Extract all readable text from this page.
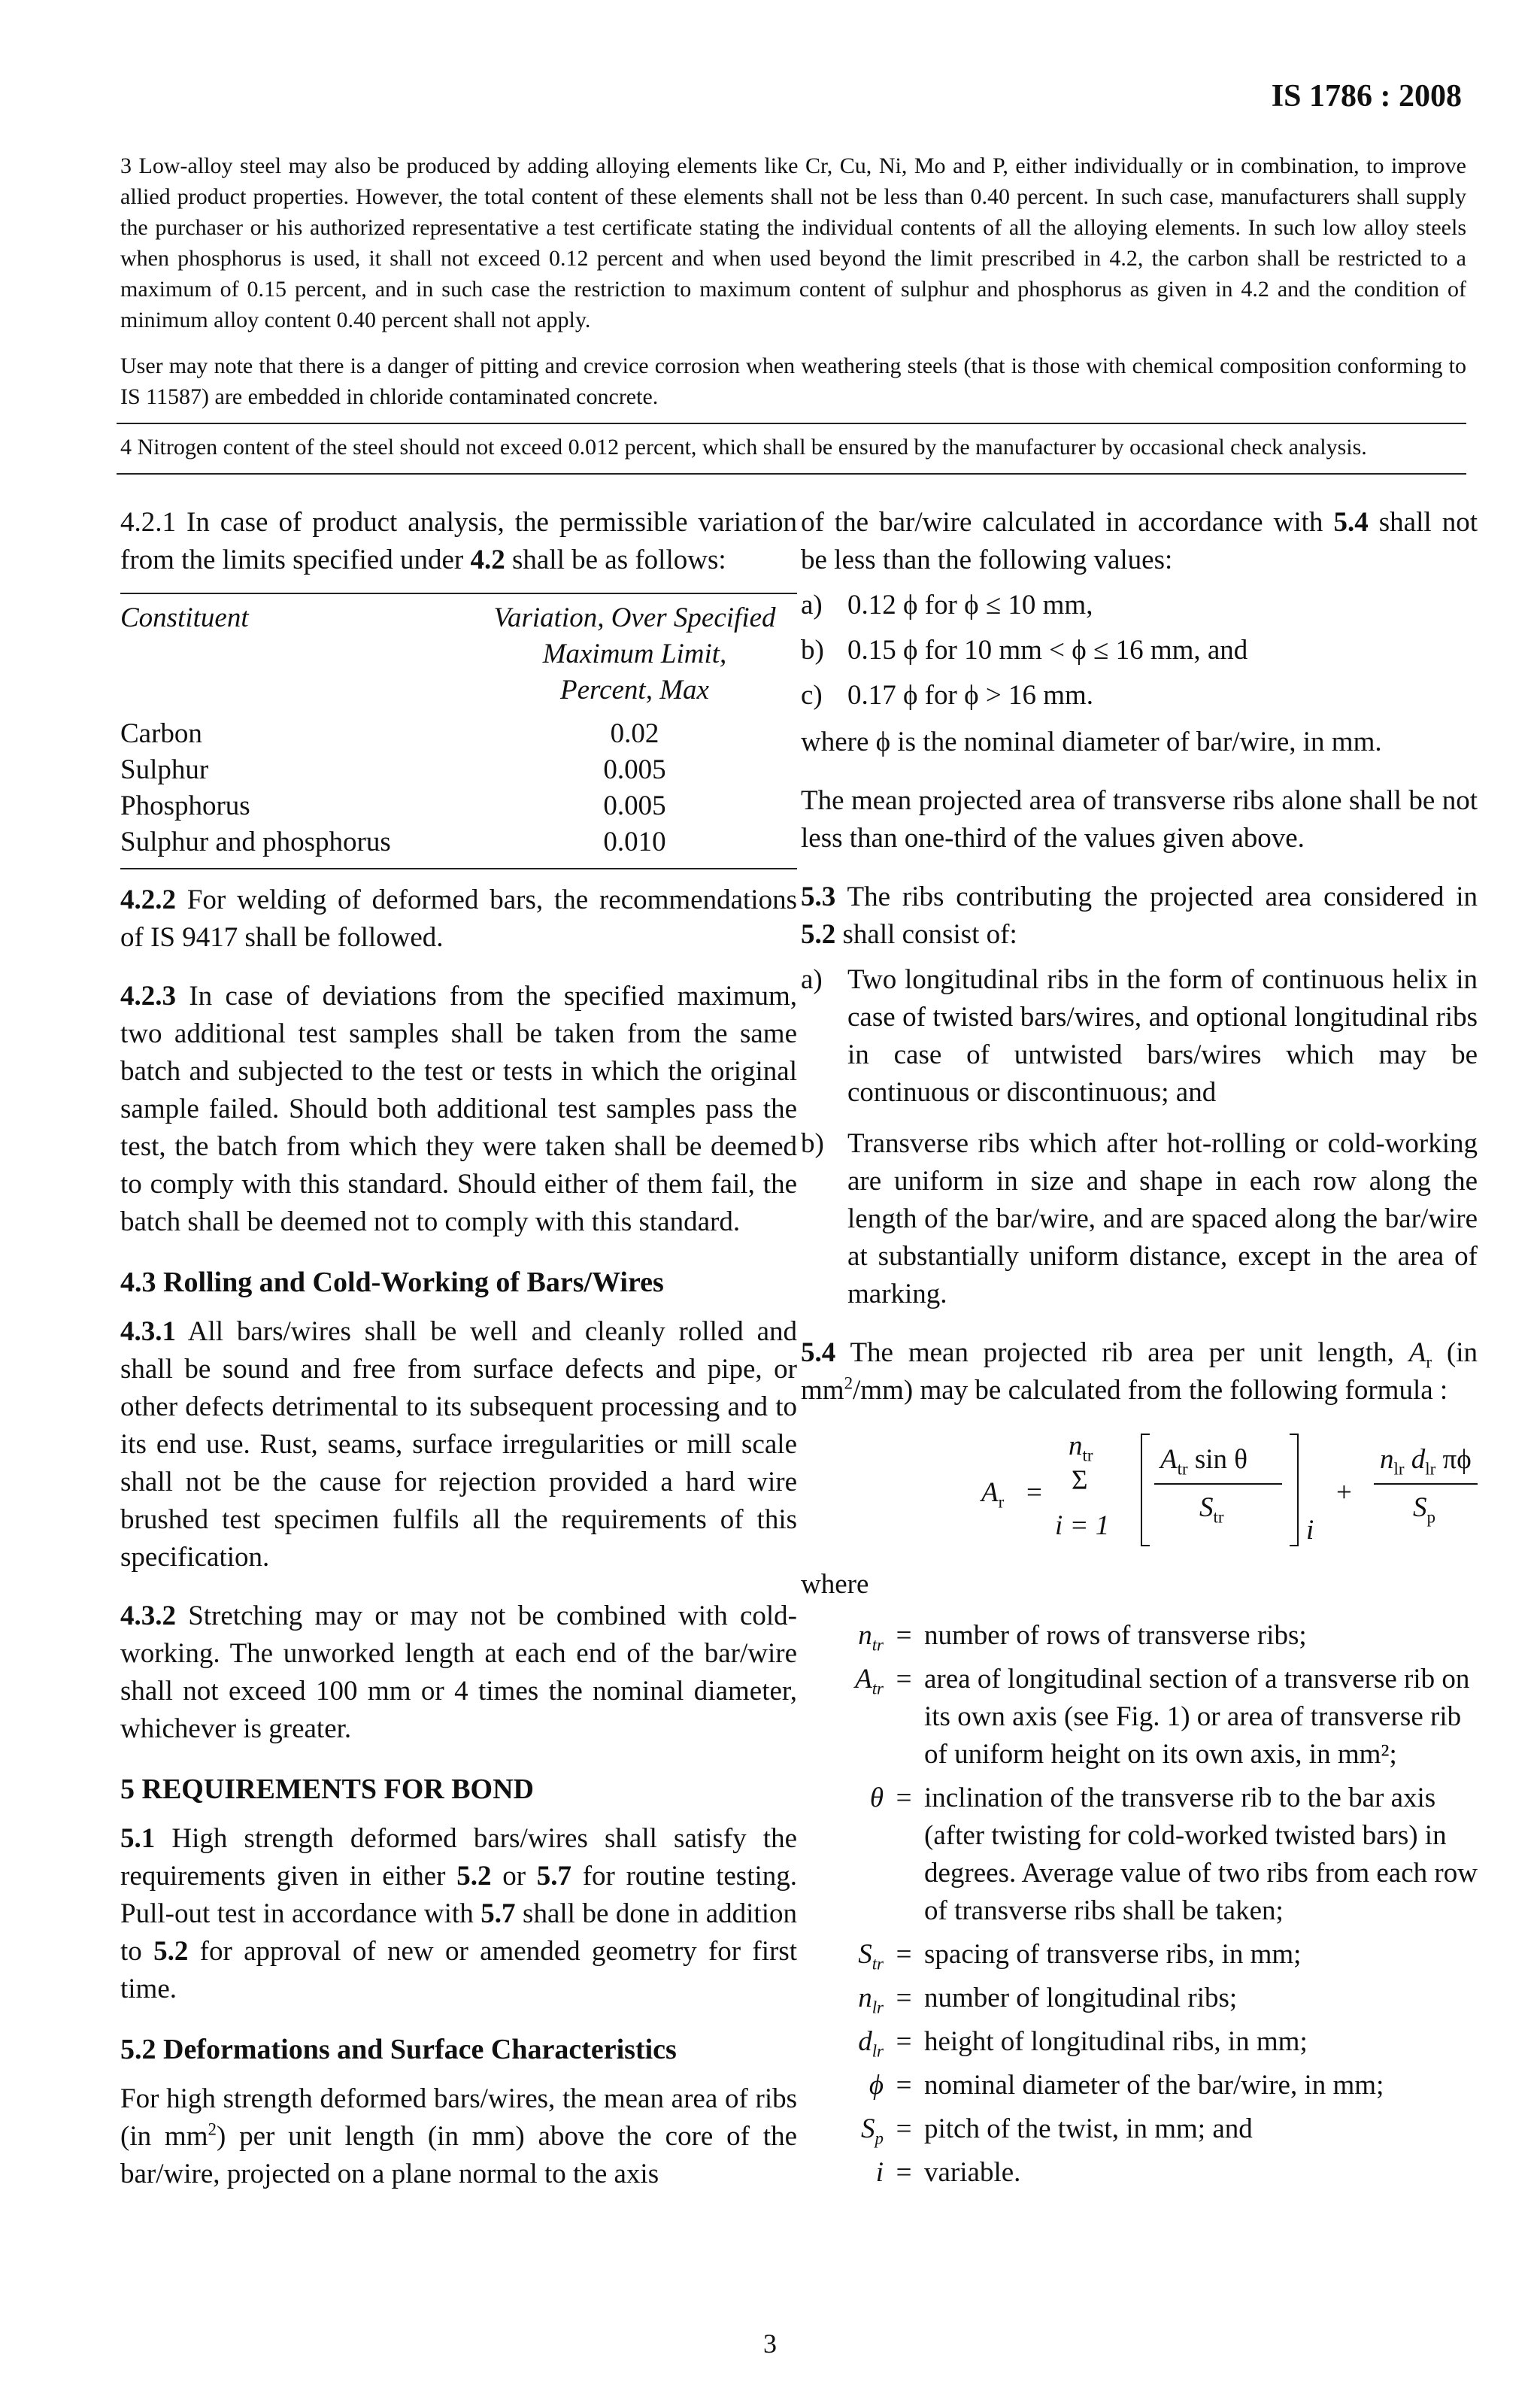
IS 1786 : 2008

3 Low-alloy steel may also be produced by adding alloying elements like Cr, Cu, Ni, Mo and P, either individually or in combination, to improve allied product properties. However, the total content of these elements shall not be less than 0.40 percent. In such case, manufacturers shall supply the purchaser or his authorized representative a test certificate stating the individual contents of all the alloying elements. In such low alloy steels when phosphorus is used, it shall not exceed 0.12 percent and when used beyond the limit prescribed in 4.2, the carbon shall be restricted to a maximum of 0.15 percent, and in such case the restriction to maximum content of sulphur and phosphorus as given in 4.2 and the condition of minimum alloy content 0.40 percent shall not apply.

User may note that there is a danger of pitting and crevice corrosion when weathering steels (that is those with chemical composition conforming to IS 11587) are embedded in chloride contaminated concrete.

4 Nitrogen content of the steel should not exceed 0.012 percent, which shall be ensured by the manufacturer by occasional check analysis.

4.2.1 In case of product analysis, the permissible variation from the limits specified under 4.2 shall be as follows:

Constituent	Variation, Over Specified
Maximum Limit,
Percent, Max

Carbon	0.02
Sulphur	0.005
Phosphorus	0.005
Sulphur and phosphorus	0.010

4.2.2 For welding of deformed bars, the recommendations of IS 9417 shall be followed.

4.2.3 In case of deviations from the specified maximum, two additional test samples shall be taken from the same batch and subjected to the test or tests in which the original sample failed. Should both additional test samples pass the test, the batch from which they were taken shall be deemed to comply with this standard. Should either of them fail, the batch shall be deemed not to comply with this standard.

4.3 Rolling and Cold-Working of Bars/Wires

4.3.1 All bars/wires shall be well and cleanly rolled and shall be sound and free from surface defects and pipe, or other defects detrimental to its subsequent processing and to its end use. Rust, seams, surface irregularities or mill scale shall not be the cause for rejection provided a hard wire brushed test specimen fulfils all the requirements of this specification.

4.3.2 Stretching may or may not be combined with cold-working. The unworked length at each end of the bar/wire shall not exceed 100 mm or 4 times the nominal diameter, whichever is greater.

5 REQUIREMENTS FOR BOND

5.1 High strength deformed bars/wires shall satisfy the requirements given in either 5.2 or 5.7 for routine testing. Pull-out test in accordance with 5.7 shall be done in addition to 5.2 for approval of new or amended geometry for first time.

5.2 Deformations and Surface Characteristics

For high strength deformed bars/wires, the mean area of ribs (in $mm^2$) per unit length (in mm) above the core of the bar/wire, projected on a plane normal to the axis

of the bar/wire calculated in accordance with 5.4 shall not be less than the following values:

a) 0.12 ϕ for ϕ ≤ 10 mm,
b) 0.15 ϕ for 10 mm < ϕ ≤ 16 mm, and
c) 0.17 ϕ for ϕ > 16 mm.

where ϕ is the nominal diameter of bar/wire, in mm.

The mean projected area of transverse ribs alone shall be not less than one-third of the values given above.

5.3 The ribs contributing the projected area considered in 5.2 shall consist of:

a) Two longitudinal ribs in the form of continuous helix in case of twisted bars/wires, and optional longitudinal ribs in case of untwisted bars/wires which may be continuous or discontinuous; and
b) Transverse ribs which after hot-rolling or cold-working are uniform in size and shape in each row along the length of the bar/wire, and are spaced along the bar/wire at substantially uniform distance, except in the area of marking.

5.4 The mean projected rib area per unit length, $A_r$ (in $mm^2/mm$) may be calculated from the following formula :

$A_r$ =
$n_{tr}$
Σ
i = 1
$A_{tr}$ sin θ
$S_{tr}$	i
+
$n_{lr}$ $d_{lr}$ πϕ
$S_p$

where

$n_{tr}$ = number of rows of transverse ribs;
$A_{tr}$ = area of longitudinal section of a transverse rib on its own axis (see Fig. 1) or area of transverse rib of uniform height on its own axis, in mm²;
θ = inclination of the transverse rib to the bar axis (after twisting for cold-worked twisted bars) in degrees. Average value of two ribs from each row of transverse ribs shall be taken;
$S_{tr}$ = spacing of transverse ribs, in mm;
$n_{lr}$ = number of longitudinal ribs;
$d_{lr}$ = height of longitudinal ribs, in mm;
ϕ = nominal diameter of the bar/wire, in mm;
$S_p$ = pitch of the twist, in mm; and
i = variable.
3
